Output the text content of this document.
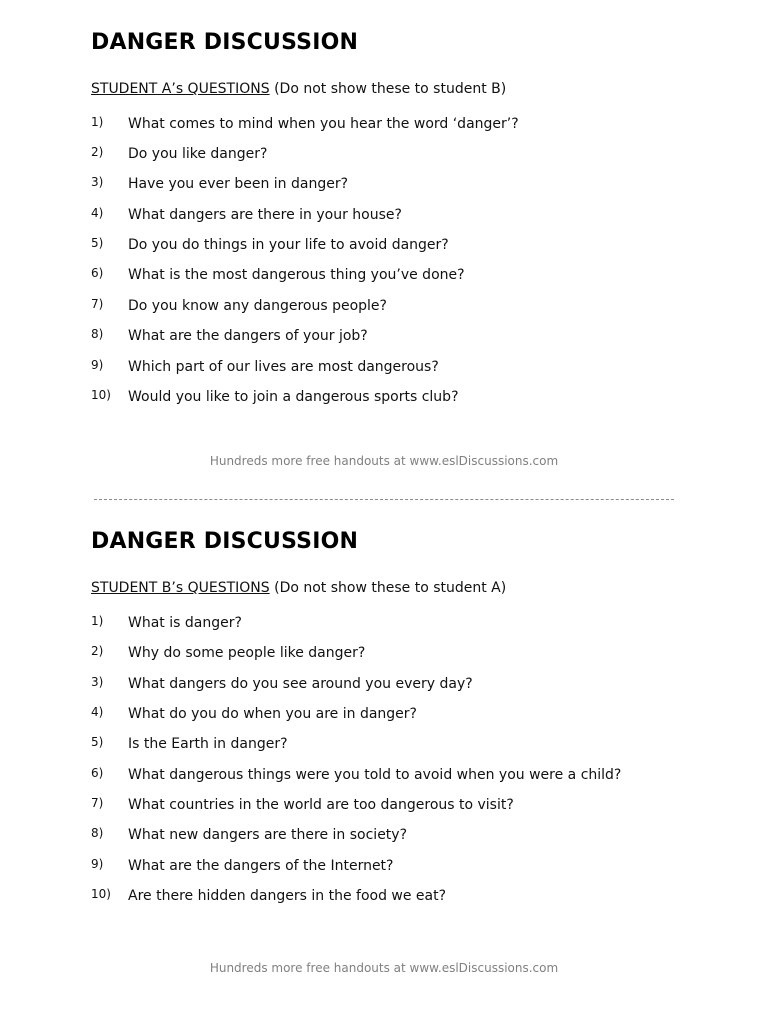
DANGER DISCUSSION
STUDENT A’s QUESTIONS (Do not show these to student B)
1) What comes to mind when you hear the word ‘danger’?
2) Do you like danger?
3) Have you ever been in danger?
4) What dangers are there in your house?
5) Do you do things in your life to avoid danger?
6) What is the most dangerous thing you’ve done?
7) Do you know any dangerous people?
8) What are the dangers of your job?
9) Which part of our lives are most dangerous?
10) Would you like to join a dangerous sports club?
Hundreds more free handouts at www.eslDiscussions.com
DANGER DISCUSSION
STUDENT B’s QUESTIONS (Do not show these to student A)
1) What is danger?
2) Why do some people like danger?
3) What dangers do you see around you every day?
4) What do you do when you are in danger?
5) Is the Earth in danger?
6) What dangerous things were you told to avoid when you were a child?
7) What countries in the world are too dangerous to visit?
8) What new dangers are there in society?
9) What are the dangers of the Internet?
10) Are there hidden dangers in the food we eat?
Hundreds more free handouts at www.eslDiscussions.com
